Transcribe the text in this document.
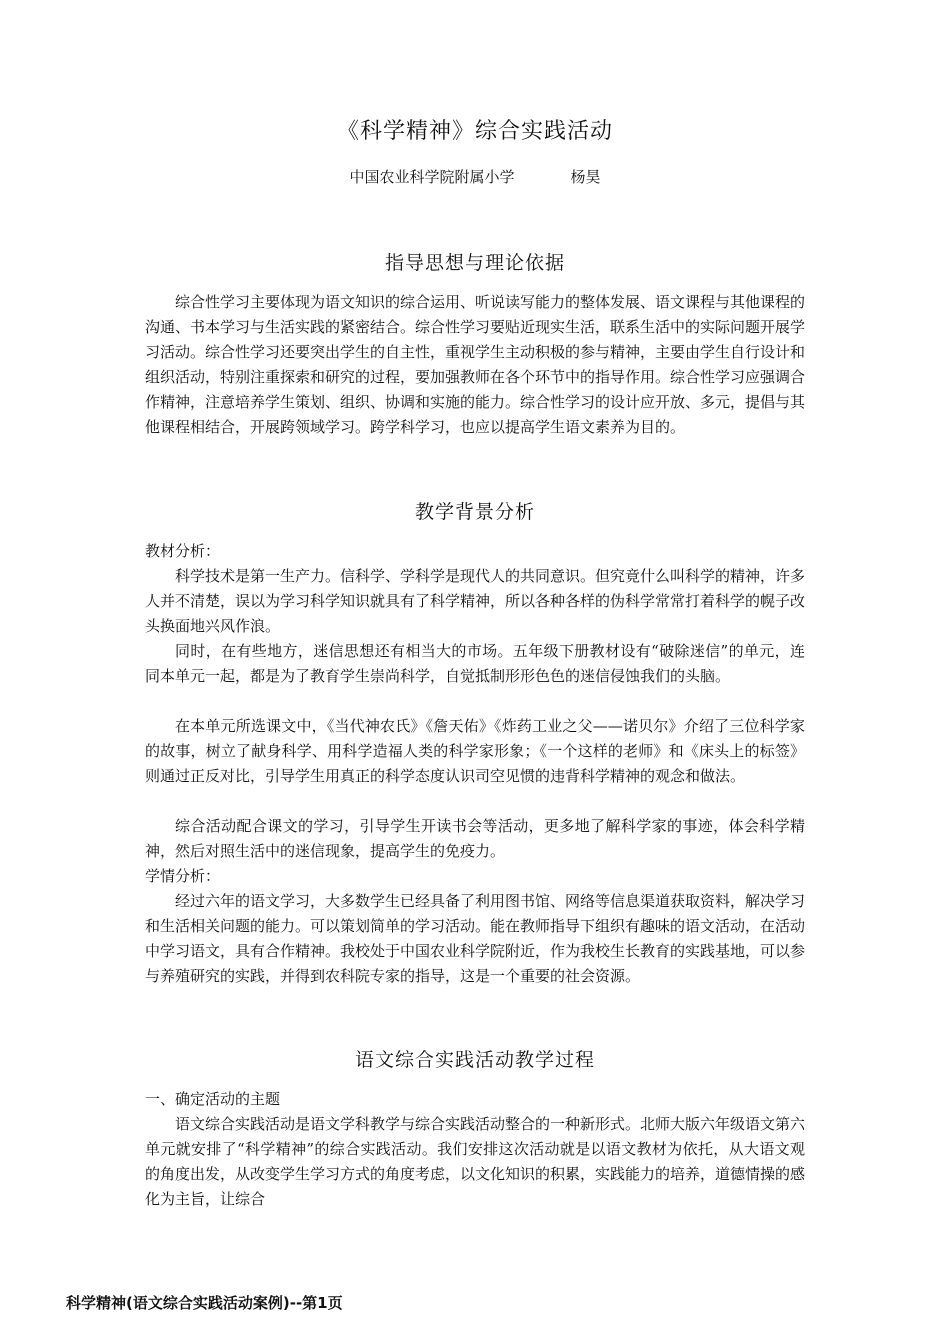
《科学精神》综合实践活动
中国农业科学院附属小学	杨昊
指导思想与理论依据

综合性学习主要体现为语文知识的综合运用、听说读写能力的整体发展、语文课程与其他课程的沟通、书本学习与生活实践的紧密结合。综合性学习要贴近现实生活，联系生活中的实际问题开展学习活动。综合性学习还要突出学生的自主性，重视学生主动积极的参与精神，主要由学生自行设计和组织活动，特别注重探索和研究的过程，要加强教师在各个环节中的指导作用。综合性学习应强调合作精神，注意培养学生策划、组织、协调和实施的能力。综合性学习的设计应开放、多元，提倡与其他课程相结合，开展跨领域学习。跨学科学习，也应以提高学生语文素养为目的。

教学背景分析

教材分析：

科学技术是第一生产力。信科学、学科学是现代人的共同意识。但究竟什么叫科学的精神，许多人并不清楚，误以为学习科学知识就具有了科学精神，所以各种各样的伪科学常常打着科学的幌子改头换面地兴风作浪。

同时，在有些地方，迷信思想还有相当大的市场。五年级下册教材设有“破除迷信”的单元，连同本单元一起，都是为了教育学生崇尚科学，自觉抵制形形色色的迷信侵蚀我们的头脑。

在本单元所选课文中，《当代神农氏》《詹天佑》《炸药工业之父——诺贝尔》介绍了三位科学家的故事，树立了献身科学、用科学造福人类的科学家形象；《一个这样的老师》和《床头上的标签》则通过正反对比，引导学生用真正的科学态度认识司空见惯的违背科学精神的观念和做法。

综合活动配合课文的学习，引导学生开读书会等活动，更多地了解科学家的事迹，体会科学精神，然后对照生活中的迷信现象，提高学生的免疫力。

学情分析：

经过六年的语文学习，大多数学生已经具备了利用图书馆、网络等信息渠道获取资料，解决学习和生活相关问题的能力。可以策划简单的学习活动。能在教师指导下组织有趣味的语文活动，在活动中学习语文，具有合作精神。我校处于中国农业科学院附近，作为我校生长教育的实践基地，可以参与养殖研究的实践，并得到农科院专家的指导，这是一个重要的社会资源。

语文综合实践活动教学过程

一、确定活动的主题

语文综合实践活动是语文学科教学与综合实践活动整合的一种新形式。北师大版六年级语文第六单元就安排了“科学精神”的综合实践活动。我们安排这次活动就是以语文教材为依托，从大语文观的角度出发，从改变学生学习方式的角度考虑，以文化知识的积累，实践能力的培养，道德情操的感化为主旨，让综合

科学精神(语文综合实践活动案例)--第1页
